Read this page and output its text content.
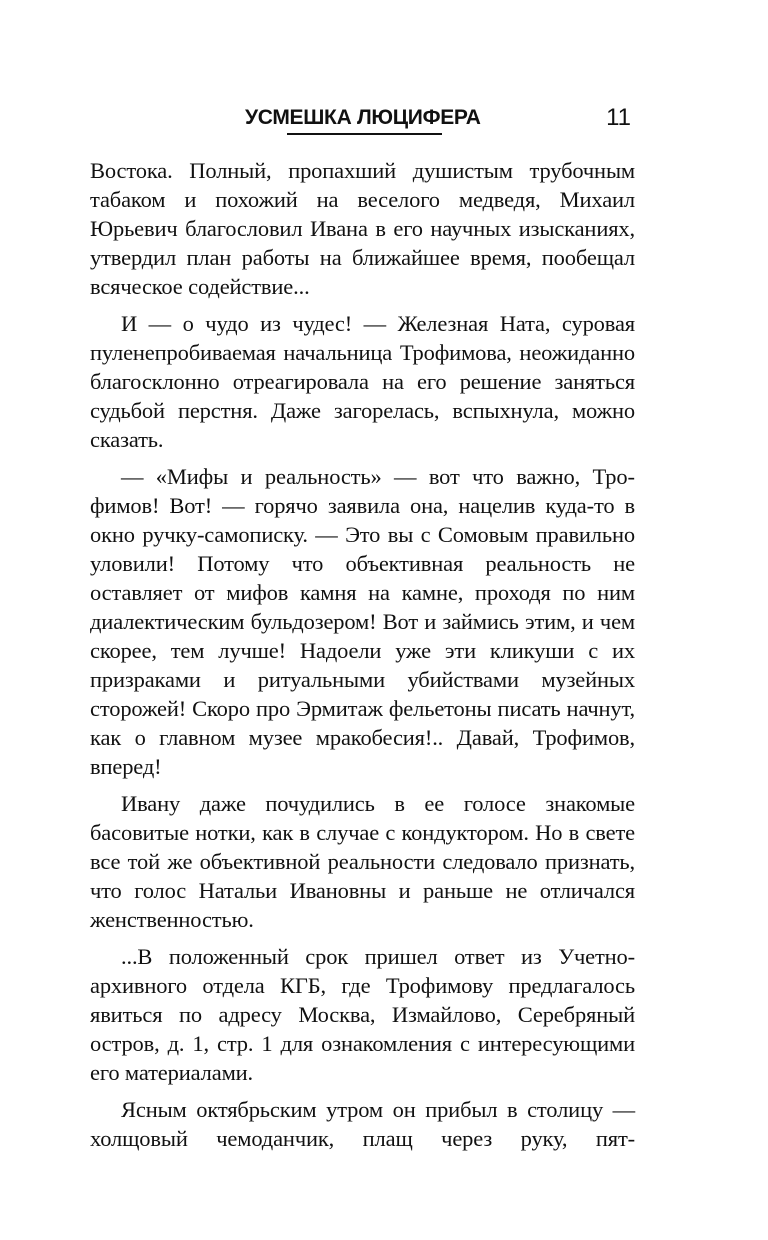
УСМЕШКА ЛЮЦИФЕРА	11

Востока. Полный, пропахший душистым трубочным табаком и похожий на веселого медведя, Михаил Юрьевич благословил Ивана в его научных изысканиях, утвердил план работы на ближайшее время, пообещал всяческое содействие...

И — о чудо из чудес! — Железная Ната, суровая пуленепробиваемая начальница Трофимова, неожиданно благосклонно отреагировала на его решение заняться судьбой перстня. Даже загорелась, вспыхнула, можно сказать.

— «Мифы и реальность» — вот что важно, Трофимов! Вот! — горячо заявила она, нацелив куда-то в окно ручку-самописку. — Это вы с Сомовым правильно уловили! Потому что объективная реальность не оставляет от мифов камня на камне, проходя по ним диалектическим бульдозером! Вот и займись этим, и чем скорее, тем лучше! Надоели уже эти кликуши с их призраками и ритуальными убийствами музейных сторожей! Скоро про Эрмитаж фельетоны писать начнут, как о главном музее мракобесия!.. Давай, Трофимов, вперед!

Ивану даже почудились в ее голосе знакомые басовитые нотки, как в случае с кондуктором. Но в свете все той же объективной реальности следовало признать, что голос Натальи Ивановны и раньше не отличался женственностью.

...В положенный срок пришел ответ из Учетно-архивного отдела КГБ, где Трофимову предлагалось явиться по адресу Москва, Измайлово, Серебряный остров, д. 1, стр. 1 для ознакомления с интересующими его материалами.

Ясным октябрьским утром он прибыл в столицу — холщовый чемоданчик, плащ через руку, пят-
